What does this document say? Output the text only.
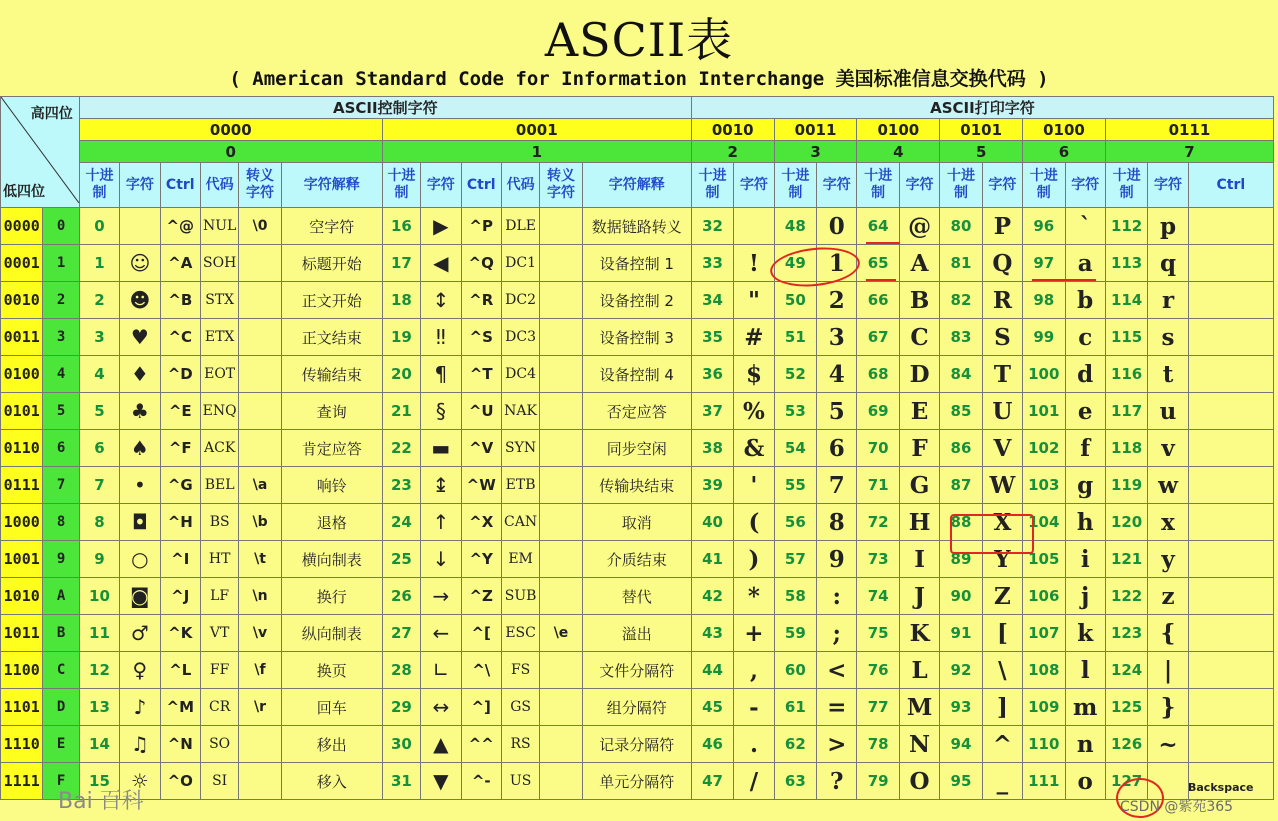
ASCII表
( American Standard Code for Information Interchange 美国标准信息交换代码 )
高四位
低四位		ASCII控制字符												ASCII打印字符												
		0000						0001						0010		0011		0100		0101		0100		0111		
		0						1						2		3		4		5		6		7		
		十进制	字符	Ctrl	代码	转义字符	字符解释	十进制	字符	Ctrl	代码	转义字符	字符解释	十进制	字符	十进制	字符	十进制	字符	十进制	字符	十进制	字符	十进制	字符	Ctrl
0000	0	0		^@	NUL	\0	空字符	16	▶	^P	DLE		数据链路转义	32		48	0	64	@	80	P	96	`	112	p	
0001	1	1	☺	^A	SOH		标题开始	17	◀	^Q	DC1		设备控制 1	33	!	49	1	65	A	81	Q	97	a	113	q	
0010	2	2	☻	^B	STX		正文开始	18	↕	^R	DC2		设备控制 2	34	"	50	2	66	B	82	R	98	b	114	r	
0011	3	3	♥	^C	ETX		正文结束	19	‼	^S	DC3		设备控制 3	35	#	51	3	67	C	83	S	99	c	115	s	
0100	4	4	♦	^D	EOT		传输结束	20	¶	^T	DC4		设备控制 4	36	$	52	4	68	D	84	T	100	d	116	t	
0101	5	5	♣	^E	ENQ		查询	21	§	^U	NAK		否定应答	37	%	53	5	69	E	85	U	101	e	117	u	
0110	6	6	♠	^F	ACK		肯定应答	22	▬	^V	SYN		同步空闲	38	&	54	6	70	F	86	V	102	f	118	v	
0111	7	7	•	^G	BEL	\a	响铃	23	↨	^W	ETB		传输块结束	39	'	55	7	71	G	87	W	103	g	119	w	
1000	8	8	◘	^H	BS	\b	退格	24	↑	^X	CAN		取消	40	(	56	8	72	H	88	X	104	h	120	x	
1001	9	9	○	^I	HT	\t	横向制表	25	↓	^Y	EM		介质结束	41	)	57	9	73	I	89	Y	105	i	121	y	
1010	A	10	◙	^J	LF	\n	换行	26	→	^Z	SUB		替代	42	*	58	:	74	J	90	Z	106	j	122	z	
1011	B	11	♂	^K	VT	\v	纵向制表	27	←	^[	ESC	\e	溢出	43	+	59	;	75	K	91	[	107	k	123	{	
1100	C	12	♀	^L	FF	\f	换页	28	∟	^\	FS		文件分隔符	44	,	60	<	76	L	92	\	108	l	124	|	
1101	D	13	♪	^M	CR	\r	回车	29	↔	^]	GS		组分隔符	45	-	61	=	77	M	93	]	109	m	125	}	
1110	E	14	♫	^N	SO		移出	30	▲	^^	RS		记录分隔符	46	.	62	>	78	N	94	^	110	n	126	~	
1111	F	15	☼	^O	SI		移入	31	▼	^-	US		单元分隔符	47	/	63	?	79	O	95	_	111	o	127		
Bai 百科	CSDN @紫苑365
Backspace
